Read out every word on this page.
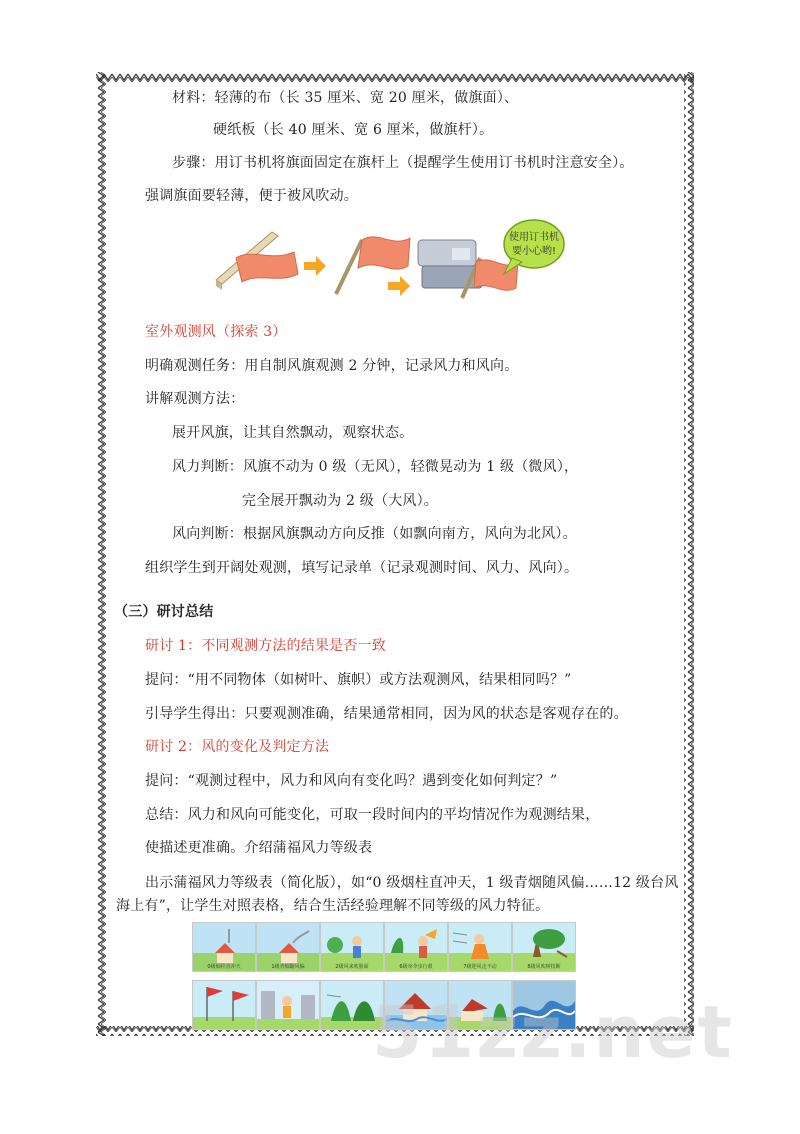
材料：轻薄的布（长 35 厘米、宽 20 厘米，做旗面）、
硬纸板（长 40 厘米、宽 6 厘米，做旗杆）。
步骤：用订书机将旗面固定在旗杆上（提醒学生使用订书机时注意安全）。
强调旗面要轻薄，便于被风吹动。
使用订书机
要小心哟!
室外观测风（探索 3）
明确观测任务：用自制风旗观测 2 分钟，记录风力和风向。
讲解观测方法：
展开风旗，让其自然飘动，观察状态。
风力判断：风旗不动为 0 级（无风），轻微晃动为 1 级（微风），
完全展开飘动为 2 级（大风）。
风向判断：根据风旗飘动方向反推（如飘向南方，风向为北风）。
组织学生到开阔处观测，填写记录单（记录观测时间、风力、风向）。
（三）研讨总结
研讨 1：不同观测方法的结果是否一致
提问：“用不同物体（如树叶、旗帜）或方法观测风，结果相同吗？”
引导学生得出：只要观测准确，结果通常相同，因为风的状态是客观存在的。
研讨 2：风的变化及判定方法
提问：“观测过程中，风力和风向有变化吗？遇到变化如何判定？”
总结：风力和风向可能变化，可取一段时间内的平均情况作为观测结果，
使描述更准确。介绍蒲福风力等级表
出示蒲福风力等级表（简化版），如“0 级烟柱直冲天，1 级青烟随风偏……12 级台风
海上有”，让学生对照表格，结合生活经验理解不同等级的风力特征。
0级烟柱直冲天	1级青烟随风偏	2级风来吹脸面	6级举伞步行艰	7级迎风走不动	8级风吹树枝断
51zz.net
